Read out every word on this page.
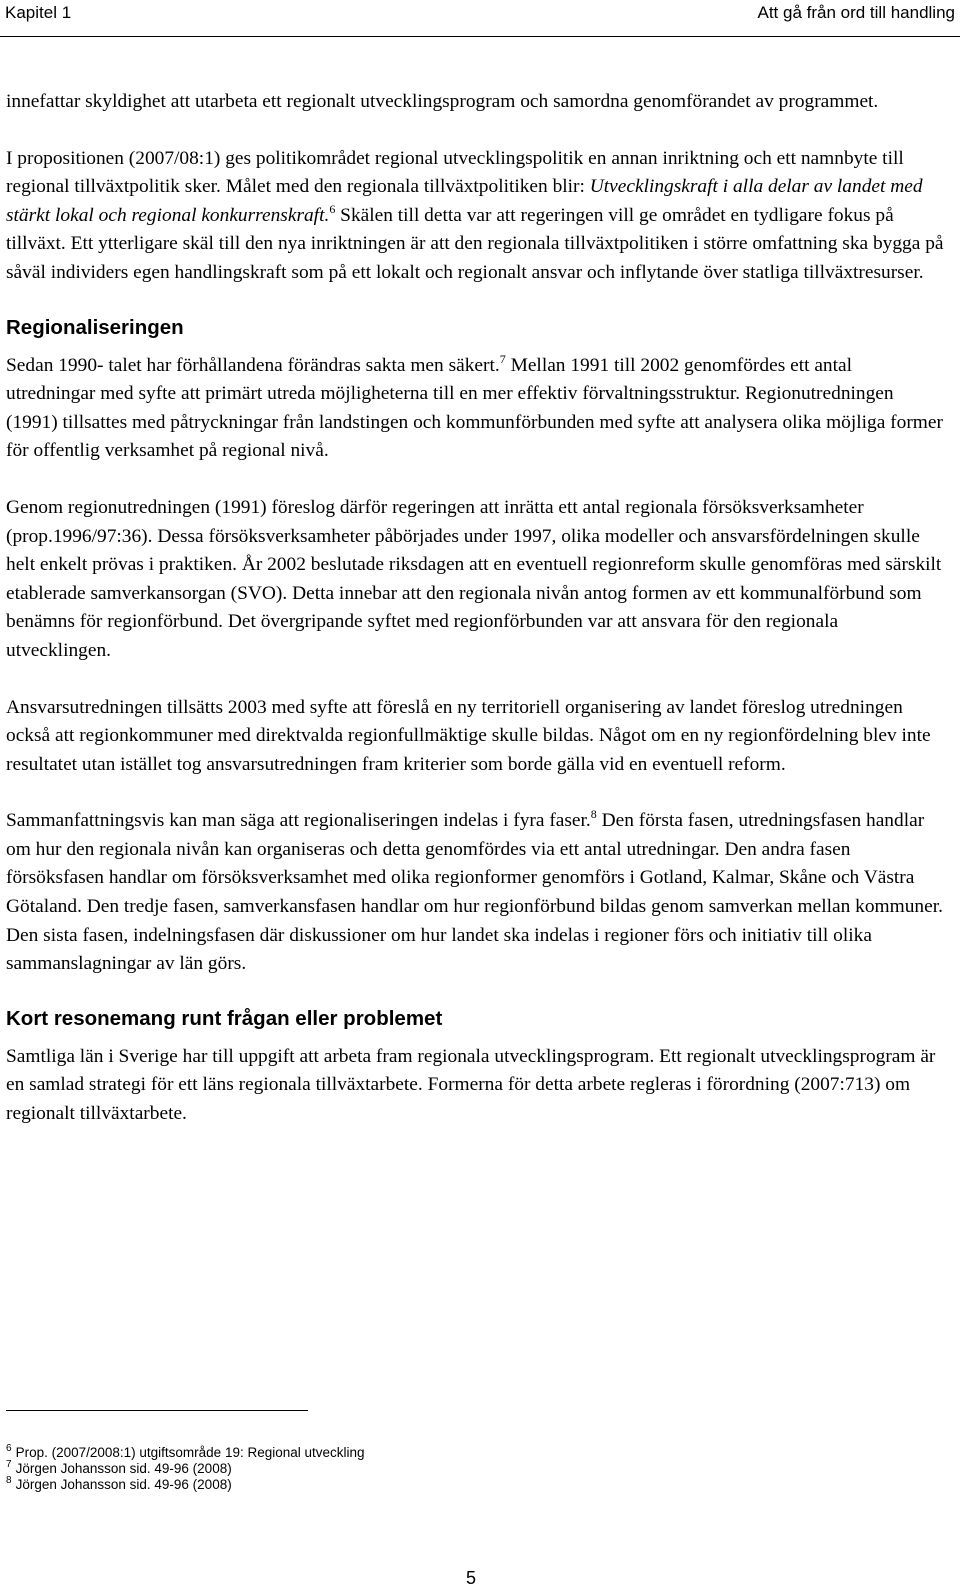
Kapitel 1	Att gå från ord till handling

innefattar skyldighet att utarbeta ett regionalt utvecklingsprogram och samordna genomförandet av programmet.

I propositionen (2007/08:1) ges politikområdet regional utvecklingspolitik en annan inriktning och ett namnbyte till regional tillväxtpolitik sker. Målet med den regionala tillväxtpolitiken blir: Utvecklingskraft i alla delar av landet med stärkt lokal och regional konkurrenskraft.$^6$ Skälen till detta var att regeringen vill ge området en tydligare fokus på tillväxt. Ett ytterligare skäl till den nya inriktningen är att den regionala tillväxtpolitiken i större omfattning ska bygga på såväl individers egen handlingskraft som på ett lokalt och regionalt ansvar och inflytande över statliga tillväxtresurser.

Regionaliseringen

Sedan 1990- talet har förhållandena förändras sakta men säkert.$^7$ Mellan 1991 till 2002 genomfördes ett antal utredningar med syfte att primärt utreda möjligheterna till en mer effektiv förvaltningsstruktur. Regionutredningen (1991) tillsattes med påtryckningar från landstingen och kommunförbunden med syfte att analysera olika möjliga former för offentlig verksamhet på regional nivå.

Genom regionutredningen (1991) föreslog därför regeringen att inrätta ett antal regionala försöksverksamheter (prop.1996/97:36). Dessa försöksverksamheter påbörjades under 1997, olika modeller och ansvarsfördelningen skulle helt enkelt prövas i praktiken. År 2002 beslutade riksdagen att en eventuell regionreform skulle genomföras med särskilt etablerade samverkansorgan (SVO). Detta innebar att den regionala nivån antog formen av ett kommunalförbund som benämns för regionförbund. Det övergripande syftet med regionförbunden var att ansvara för den regionala utvecklingen.

Ansvarsutredningen tillsätts 2003 med syfte att föreslå en ny territoriell organisering av landet föreslog utredningen också att regionkommuner med direktvalda regionfullmäktige skulle bildas. Något om en ny regionfördelning blev inte resultatet utan istället tog ansvarsutredningen fram kriterier som borde gälla vid en eventuell reform.

Sammanfattningsvis kan man säga att regionaliseringen indelas i fyra faser.$^8$ Den första fasen, utredningsfasen handlar om hur den regionala nivån kan organiseras och detta genomfördes via ett antal utredningar. Den andra fasen försöksfasen handlar om försöksverksamhet med olika regionformer genomförs i Gotland, Kalmar, Skåne och Västra Götaland. Den tredje fasen, samverkansfasen handlar om hur regionförbund bildas genom samverkan mellan kommuner. Den sista fasen, indelningsfasen där diskussioner om hur landet ska indelas i regioner förs och initiativ till olika sammanslagningar av län görs.

Kort resonemang runt frågan eller problemet

Samtliga län i Sverige har till uppgift att arbeta fram regionala utvecklingsprogram. Ett regionalt utvecklingsprogram är en samlad strategi för ett läns regionala tillväxtarbete. Formerna för detta arbete regleras i förordning (2007:713) om regionalt tillväxtarbete.

$^6$ Prop. (2007/2008:1) utgiftsområde 19: Regional utveckling
$^7$ Jörgen Johansson sid. 49-96 (2008)
$^8$ Jörgen Johansson sid. 49-96 (2008)
5
